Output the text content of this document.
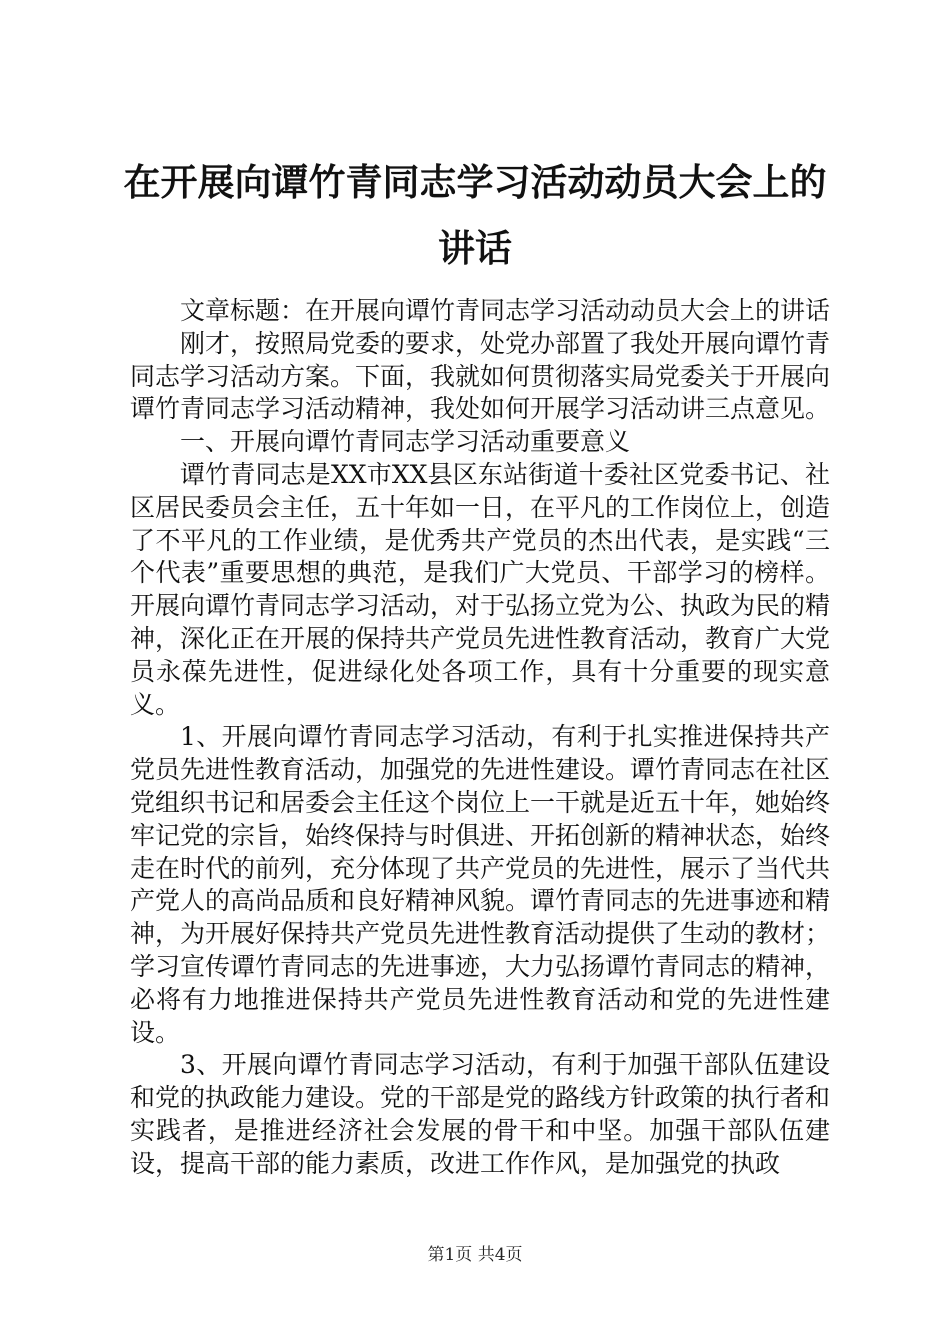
在开展向谭竹青同志学习活动动员大会上的讲话

文章标题：在开展向谭竹青同志学习活动动员大会上的讲话

刚才，按照局党委的要求，处党办部置了我处开展向谭竹青同志学习活动方案。下面，我就如何贯彻落实局党委关于开展向谭竹青同志学习活动精神，我处如何开展学习活动讲三点意见。

一、开展向谭竹青同志学习活动重要意义

谭竹青同志是XX市XX县区东站街道十委社区党委书记、社区居民委员会主任，五十年如一日，在平凡的工作岗位上，创造了不平凡的工作业绩，是优秀共产党员的杰出代表，是实践“三个代表”重要思想的典范，是我们广大党员、干部学习的榜样。开展向谭竹青同志学习活动，对于弘扬立党为公、执政为民的精神，深化正在开展的保持共产党员先进性教育活动，教育广大党员永葆先进性，促进绿化处各项工作，具有十分重要的现实意义。

1、开展向谭竹青同志学习活动，有利于扎实推进保持共产党员先进性教育活动，加强党的先进性建设。谭竹青同志在社区党组织书记和居委会主任这个岗位上一干就是近五十年，她始终牢记党的宗旨，始终保持与时俱进、开拓创新的精神状态，始终走在时代的前列，充分体现了共产党员的先进性，展示了当代共产党人的高尚品质和良好精神风貌。谭竹青同志的先进事迹和精神，为开展好保持共产党员先进性教育活动提供了生动的教材；学习宣传谭竹青同志的先进事迹，大力弘扬谭竹青同志的精神，必将有力地推进保持共产党员先进性教育活动和党的先进性建设。

3、开展向谭竹青同志学习活动，有利于加强干部队伍建设和党的执政能力建设。党的干部是党的路线方针政策的执行者和实践者，是推进经济社会发展的骨干和中坚。加强干部队伍建设，提高干部的能力素质，改进工作作风，是加强党的执政

第1页 共4页
